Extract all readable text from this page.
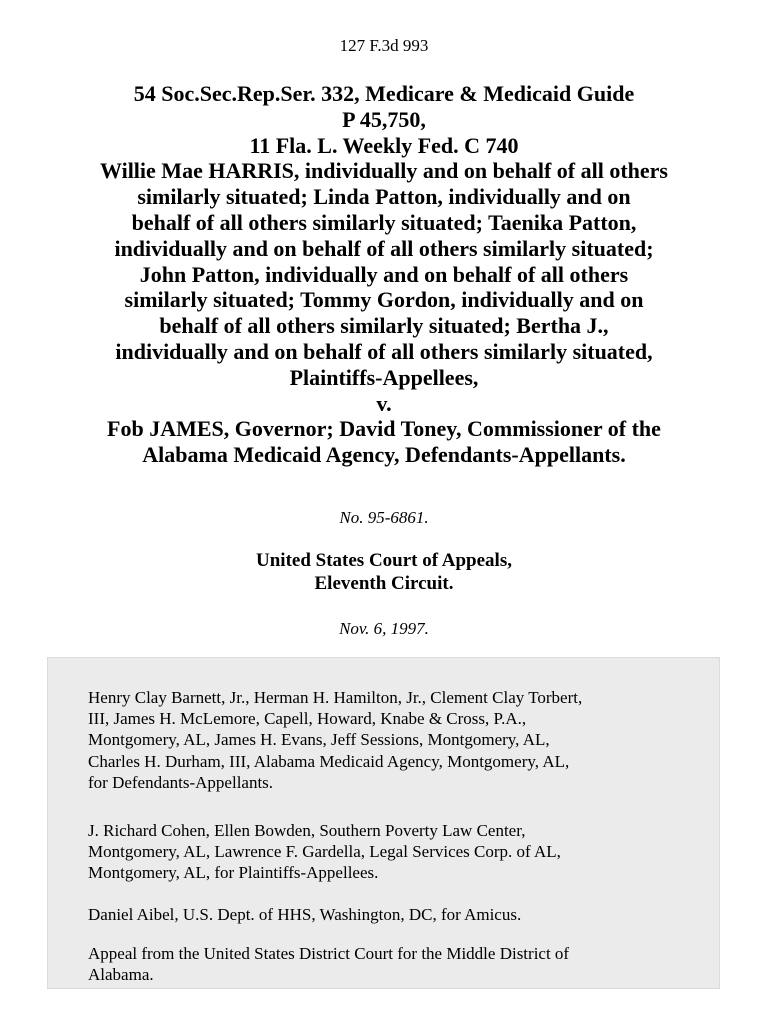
127 F.3d 993
54 Soc.Sec.Rep.Ser. 332, Medicare & Medicaid Guide
P 45,750,
11 Fla. L. Weekly Fed. C 740
Willie Mae HARRIS, individually and on behalf of all others
similarly situated; Linda Patton, individually and on
behalf of all others similarly situated; Taenika Patton,
individually and on behalf of all others similarly situated;
John Patton, individually and on behalf of all others
similarly situated; Tommy Gordon, individually and on
behalf of all others similarly situated; Bertha J.,
individually and on behalf of all others similarly situated,
Plaintiffs-Appellees,
v.
Fob JAMES, Governor; David Toney, Commissioner of the
Alabama Medicaid Agency, Defendants-Appellants.
No. 95-6861.
United States Court of Appeals,
Eleventh Circuit.
Nov. 6, 1997.
Henry Clay Barnett, Jr., Herman H. Hamilton, Jr., Clement Clay Torbert,
III, James H. McLemore, Capell, Howard, Knabe & Cross, P.A.,
Montgomery, AL, James H. Evans, Jeff Sessions, Montgomery, AL,
Charles H. Durham, III, Alabama Medicaid Agency, Montgomery, AL,
for Defendants-Appellants.
J. Richard Cohen, Ellen Bowden, Southern Poverty Law Center,
Montgomery, AL, Lawrence F. Gardella, Legal Services Corp. of AL,
Montgomery, AL, for Plaintiffs-Appellees.
Daniel Aibel, U.S. Dept. of HHS, Washington, DC, for Amicus.
Appeal from the United States District Court for the Middle District of
Alabama.
